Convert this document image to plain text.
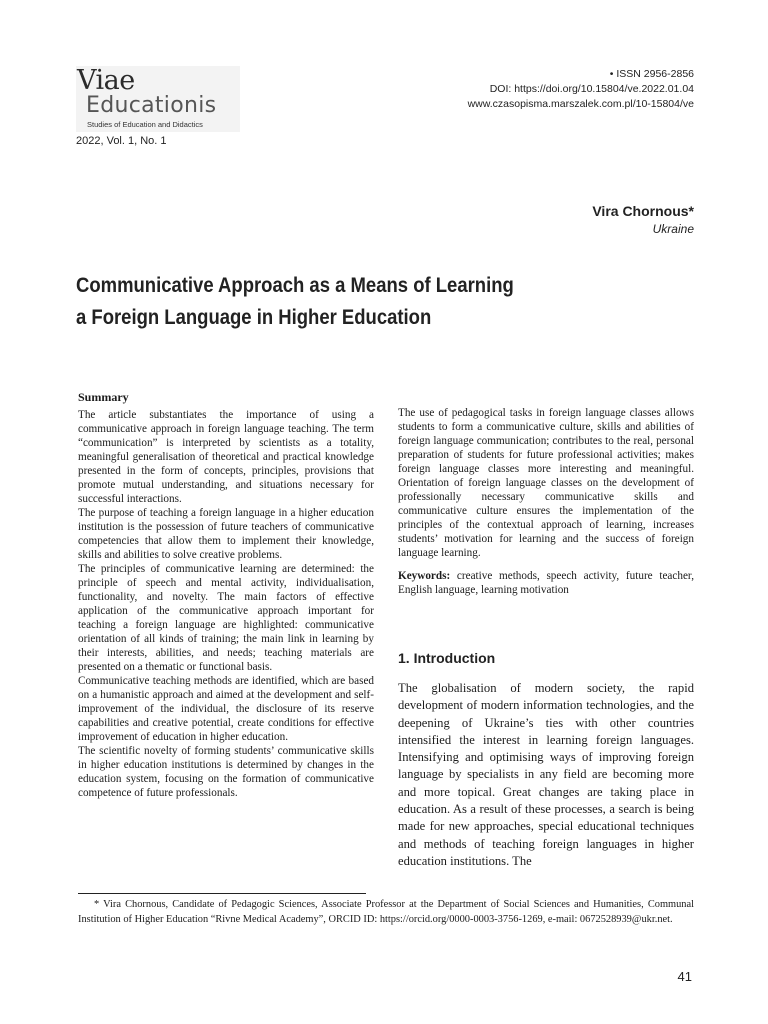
Viae
Educationis
Studies of Education and Didactics
2022, Vol. 1, No. 1
• ISSN 2956-2856
DOI: https://doi.org/10.15804/ve.2022.01.04
www.czasopisma.marszalek.com.pl/10-15804/ve
Vira Chornous*
Ukraine
Communicative Approach as a Means of Learning
a Foreign Language in Higher Education
Summary

The article substantiates the importance of using a communicative approach in foreign language teaching. The term “communication” is interpreted by scientists as a totality, meaningful generalisation of theoretical and practical knowledge presented in the form of concepts, principles, provisions that promote mutual understanding, and situations necessary for successful interactions.

The purpose of teaching a foreign language in a higher education institution is the possession of future teachers of communicative competencies that allow them to implement their knowledge, skills and abilities to solve creative problems.

The principles of communicative learning are determined: the principle of speech and mental activity, individualisation, functionality, and novelty. The main factors of effective application of the communicative approach important for teaching a foreign language are highlighted: communicative orientation of all kinds of training; the main link in learning by their interests, abilities, and needs; teaching materials are presented on a thematic or functional basis.

Communicative teaching methods are identified, which are based on a humanistic approach and aimed at the development and self-improvement of the individual, the disclosure of its reserve capabilities and creative potential, create conditions for effective improvement of education in higher education.

The scientific novelty of forming students’ communicative skills in higher education institutions is determined by changes in the education system, focusing on the formation of communicative competence of future professionals.

The use of pedagogical tasks in foreign language classes allows students to form a communicative culture, skills and abilities of foreign language communication; contributes to the real, personal preparation of students for future professional activities; makes foreign language classes more interesting and meaningful. Orientation of foreign language classes on the development of professionally necessary communicative skills and communicative culture ensures the implementation of the principles of the contextual approach of learning, increases students’ motivation for learning and the success of foreign language learning.

Keywords: creative methods, speech activity, future teacher, English language, learning motivation
1. Introduction
The globalisation of modern society, the rapid development of modern information technologies, and the deepening of Ukraine’s ties with other countries intensified the interest in learning foreign languages. Intensifying and optimising ways of improving foreign language by specialists in any field are becoming more and more topical. Great changes are taking place in education. As a result of these processes, a search is being made for new approaches, special educational techniques and methods of teaching foreign languages in higher education institutions. The
* Vira Chornous, Candidate of Pedagogic Sciences, Associate Professor at the Department of Social Sciences and Humanities, Communal Institution of Higher Education “Rivne Medical Academy”, ORCID ID: https://orcid.org/0000-0003-3756-1269, e-mail: 0672528939@ukr.net.
41
